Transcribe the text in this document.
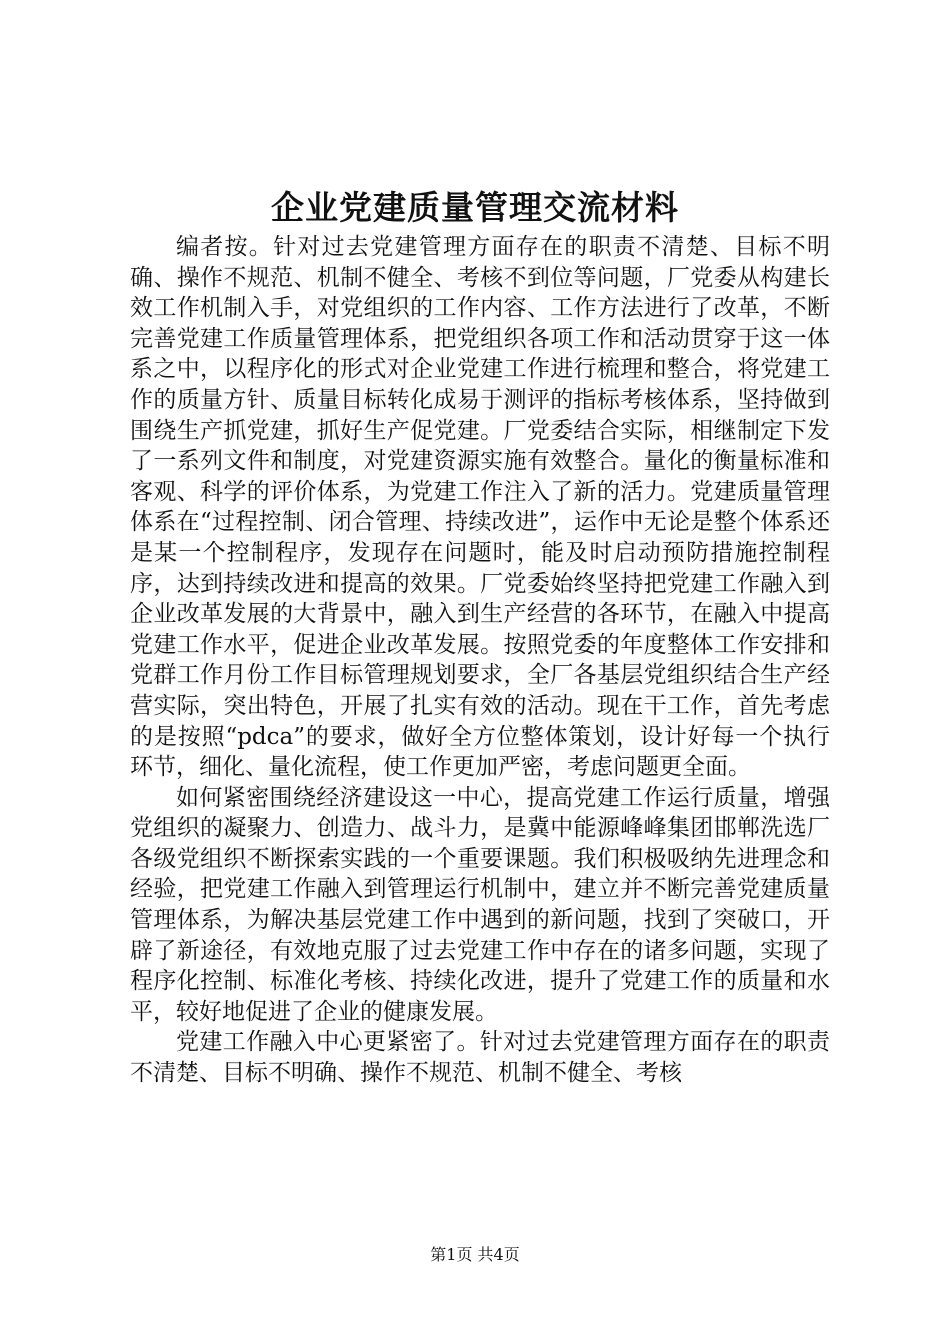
企业党建质量管理交流材料

编者按。针对过去党建管理方面存在的职责不清楚、目标不明确、操作不规范、机制不健全、考核不到位等问题，厂党委从构建长效工作机制入手，对党组织的工作内容、工作方法进行了改革，不断完善党建工作质量管理体系，把党组织各项工作和活动贯穿于这一体系之中，以程序化的形式对企业党建工作进行梳理和整合，将党建工作的质量方针、质量目标转化成易于测评的指标考核体系，坚持做到围绕生产抓党建，抓好生产促党建。厂党委结合实际，相继制定下发了一系列文件和制度，对党建资源实施有效整合。量化的衡量标准和客观、科学的评价体系，为党建工作注入了新的活力。党建质量管理体系在“过程控制、闭合管理、持续改进”，运作中无论是整个体系还是某一个控制程序，发现存在问题时，能及时启动预防措施控制程序，达到持续改进和提高的效果。厂党委始终坚持把党建工作融入到企业改革发展的大背景中，融入到生产经营的各环节，在融入中提高党建工作水平，促进企业改革发展。按照党委的年度整体工作安排和党群工作月份工作目标管理规划要求，全厂各基层党组织结合生产经营实际，突出特色，开展了扎实有效的活动。现在干工作，首先考虑的是按照“pdca”的要求，做好全方位整体策划，设计好每一个执行环节，细化、量化流程，使工作更加严密，考虑问题更全面。

如何紧密围绕经济建设这一中心，提高党建工作运行质量，增强党组织的凝聚力、创造力、战斗力，是冀中能源峰峰集团邯郸洗选厂各级党组织不断探索实践的一个重要课题。我们积极吸纳先进理念和经验，把党建工作融入到管理运行机制中，建立并不断完善党建质量管理体系，为解决基层党建工作中遇到的新问题，找到了突破口，开辟了新途径，有效地克服了过去党建工作中存在的诸多问题，实现了程序化控制、标准化考核、持续化改进，提升了党建工作的质量和水平，较好地促进了企业的健康发展。

党建工作融入中心更紧密了。针对过去党建管理方面存在的职责不清楚、目标不明确、操作不规范、机制不健全、考核

第1页 共4页
